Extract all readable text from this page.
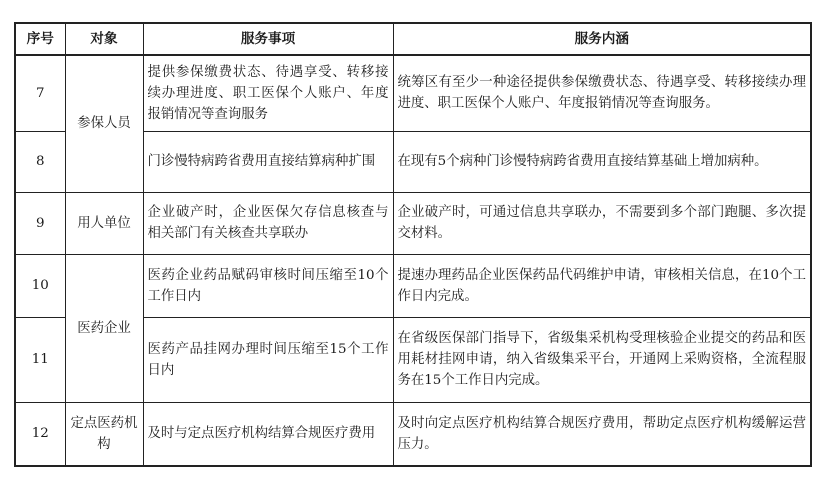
序号	对象	服务事项	服务内涵
7	参保人员	提供参保缴费状态、待遇享受、转移接续办理进度、职工医保个人账户、年度报销情况等查询服务	统筹区有至少一种途径提供参保缴费状态、待遇享受、转移接续办理进度、职工医保个人账户、年度报销情况等查询服务。
8		门诊慢特病跨省费用直接结算病种扩围	在现有5个病种门诊慢特病跨省费用直接结算基础上增加病种。
9	用人单位	企业破产时，企业医保欠存信息核查与相关部门有关核查共享联办	企业破产时，可通过信息共享联办，不需要到多个部门跑腿、多次提交材料。
10	医药企业	医药企业药品赋码审核时间压缩至10个工作日内	提速办理药品企业医保药品代码维护申请，审核相关信息，在10个工作日内完成。
11		医药产品挂网办理时间压缩至15个工作日内	在省级医保部门指导下，省级集采机构受理核验企业提交的药品和医用耗材挂网申请，纳入省级集采平台，开通网上采购资格，全流程服务在15个工作日内完成。
12	定点医药机构	及时与定点医疗机构结算合规医疗费用	及时向定点医疗机构结算合规医疗费用，帮助定点医疗机构缓解运营压力。
